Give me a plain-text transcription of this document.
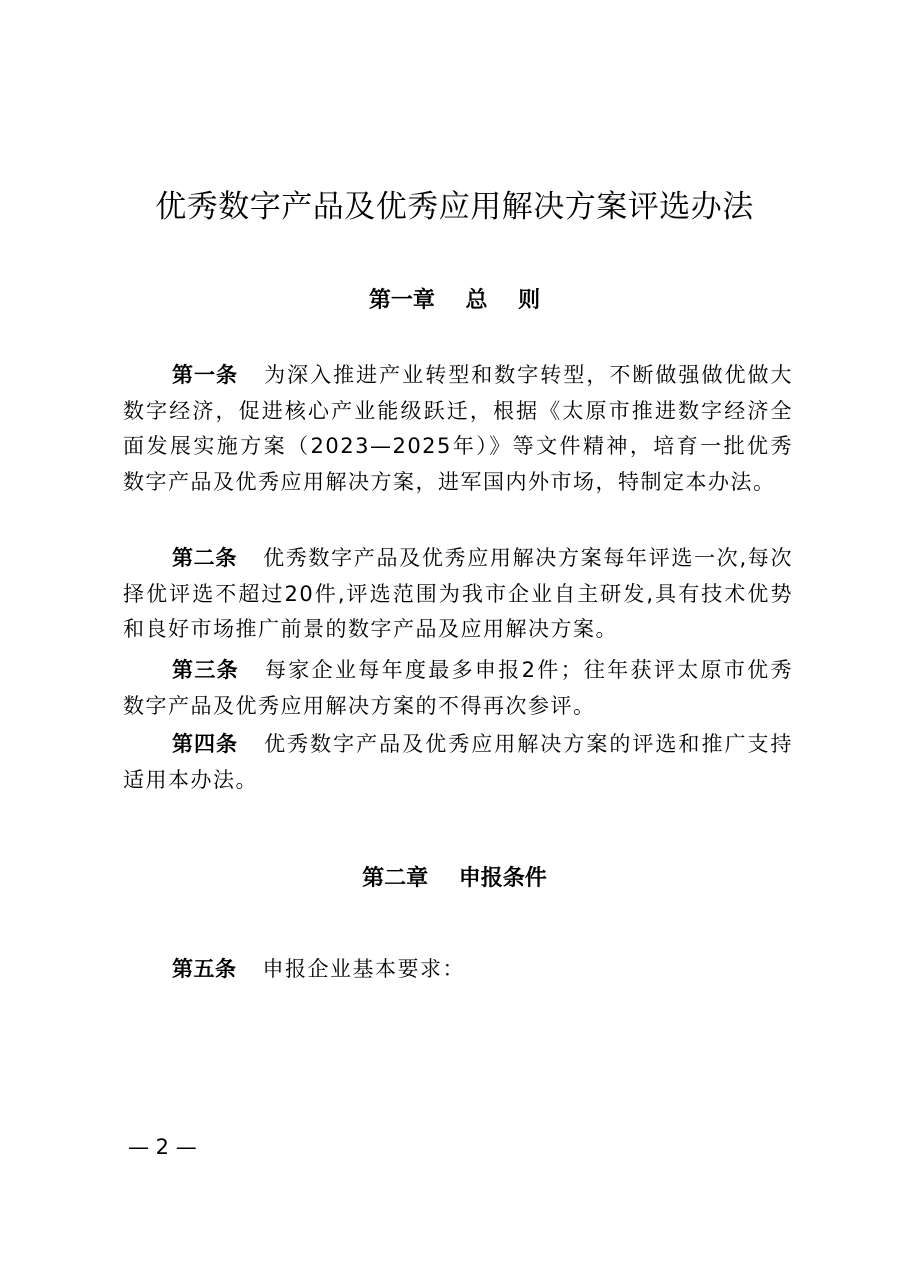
优秀数字产品及优秀应用解决方案评选办法
第一章    总    则

第一条 为深入推进产业转型和数字转型，不断做强做优做大数字经济，促进核心产业能级跃迁，根据《太原市推进数字经济全面发展实施方案（2023—2025年）》等文件精神，培育一批优秀数字产品及优秀应用解决方案，进军国内外市场，特制定本办法。

第二条 优秀数字产品及优秀应用解决方案每年评选一次,每次择优评选不超过20件,评选范围为我市企业自主研发,具有技术优势和良好市场推广前景的数字产品及应用解决方案。

第三条 每家企业每年度最多申报2件；往年获评太原市优秀数字产品及优秀应用解决方案的不得再次参评。

第四条 优秀数字产品及优秀应用解决方案的评选和推广支持适用本办法。

第二章    申报条件

第五条 申报企业基本要求：

— 2 —
